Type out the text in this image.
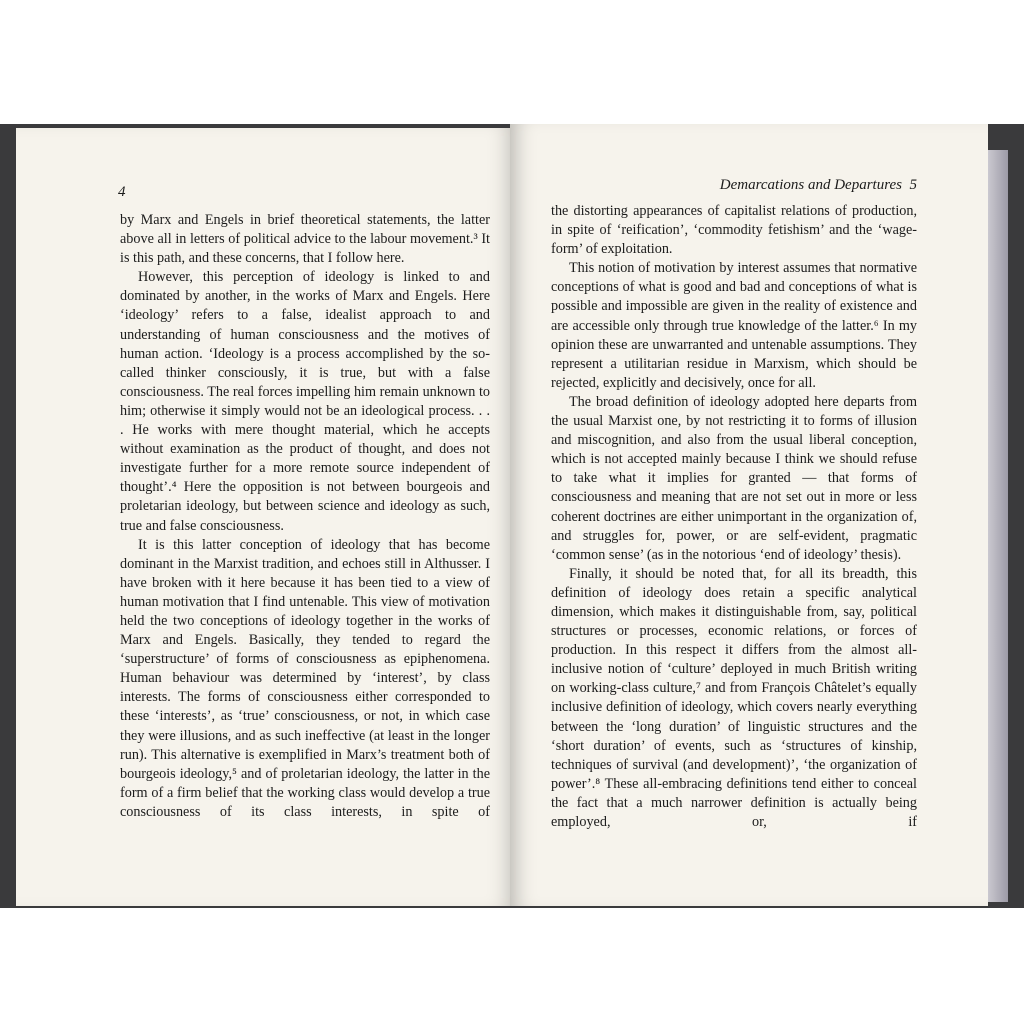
4	Demarcations and Departures 5

by Marx and Engels in brief theoretical statements, the latter above all in letters of political advice to the labour movement.³ It is this path, and these concerns, that I follow here.

However, this perception of ideology is linked to and dominated by another, in the works of Marx and Engels. Here ‘ideology’ refers to a false, idealist approach to and understanding of human consciousness and the motives of human action. ‘Ideology is a process accomplished by the so-called thinker consciously, it is true, but with a false consciousness. The real forces impelling him remain unknown to him; otherwise it simply would not be an ideological process. . . . He works with mere thought material, which he accepts without examination as the product of thought, and does not investigate further for a more remote source independent of thought’.⁴ Here the opposition is not between bourgeois and proletarian ideology, but between science and ideology as such, true and false consciousness.

It is this latter conception of ideology that has become dominant in the Marxist tradition, and echoes still in Althusser. I have broken with it here because it has been tied to a view of human motivation that I find untenable. This view of motivation held the two conceptions of ideology together in the works of Marx and Engels. Basically, they tended to regard the ‘superstructure’ of forms of consciousness as epiphenomena. Human behaviour was determined by ‘interest’, by class interests. The forms of consciousness either corresponded to these ‘interests’, as ‘true’ consciousness, or not, in which case they were illusions, and as such ineffective (at least in the longer run). This alternative is exemplified in Marx’s treatment both of bourgeois ideology,⁵ and of proletarian ideology, the latter in the form of a firm belief that the working class would develop a true consciousness of its class interests, in spite of

the distorting appearances of capitalist relations of production, in spite of ‘reification’, ‘commodity fetishism’ and the ‘wage-form’ of exploitation.

This notion of motivation by interest assumes that normative conceptions of what is good and bad and conceptions of what is possible and impossible are given in the reality of existence and are accessible only through true knowledge of the latter.⁶ In my opinion these are unwarranted and untenable assumptions. They represent a utilitarian residue in Marxism, which should be rejected, explicitly and decisively, once for all.

The broad definition of ideology adopted here departs from the usual Marxist one, by not restricting it to forms of illusion and miscognition, and also from the usual liberal conception, which is not accepted mainly because I think we should refuse to take what it implies for granted — that forms of consciousness and meaning that are not set out in more or less coherent doctrines are either unimportant in the organization of, and struggles for, power, or are self-evident, pragmatic ‘common sense’ (as in the notorious ‘end of ideology’ thesis).

Finally, it should be noted that, for all its breadth, this definition of ideology does retain a specific analytical dimension, which makes it distinguishable from, say, political structures or processes, economic relations, or forces of production. In this respect it differs from the almost all-inclusive notion of ‘culture’ deployed in much British writing on working-class culture,⁷ and from François Châtelet’s equally inclusive definition of ideology, which covers nearly everything between the ‘long duration’ of linguistic structures and the ‘short duration’ of events, such as ‘structures of kinship, techniques of survival (and development)’, ‘the organization of power’.⁸ These all-embracing definitions tend either to conceal the fact that a much narrower definition is actually being employed, or, if
